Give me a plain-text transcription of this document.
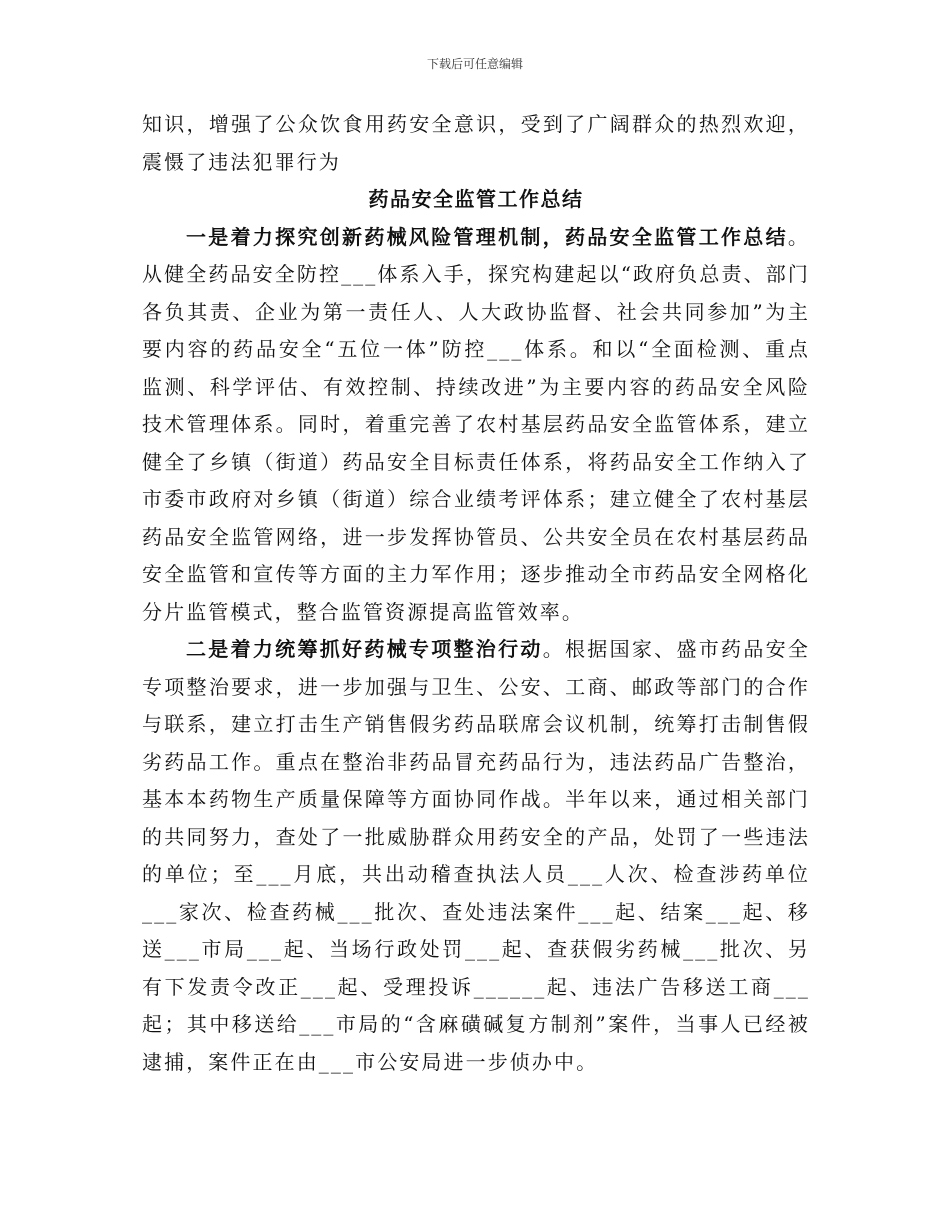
下载后可任意编辑

知识，增强了公众饮食用药安全意识，受到了广阔群众的热烈欢迎，震慑了违法犯罪行为

药品安全监管工作总结

一是着力探究创新药械风险管理机制，药品安全监管工作总结。从健全药品安全防控___体系入手，探究构建起以“政府负总责、部门各负其责、企业为第一责任人、人大政协监督、社会共同参加”为主要内容的药品安全“五位一体”防控___体系。和以“全面检测、重点监测、科学评估、有效控制、持续改进”为主要内容的药品安全风险技术管理体系。同时，着重完善了农村基层药品安全监管体系，建立健全了乡镇（街道）药品安全目标责任体系，将药品安全工作纳入了市委市政府对乡镇（街道）综合业绩考评体系；建立健全了农村基层药品安全监管网络，进一步发挥协管员、公共安全员在农村基层药品安全监管和宣传等方面的主力军作用；逐步推动全市药品安全网格化分片监管模式，整合监管资源提高监管效率。

二是着力统筹抓好药械专项整治行动。根据国家、盛市药品安全专项整治要求，进一步加强与卫生、公安、工商、邮政等部门的合作与联系，建立打击生产销售假劣药品联席会议机制，统筹打击制售假劣药品工作。重点在整治非药品冒充药品行为，违法药品广告整治，基本本药物生产质量保障等方面协同作战。半年以来，通过相关部门的共同努力，查处了一批威胁群众用药安全的产品，处罚了一些违法的单位；至___月底，共出动稽查执法人员___人次、检查涉药单位___家次、检查药械___批次、查处违法案件___起、结案___起、移送___市局___起、当场行政处罚___起、查获假劣药械___批次、另有下发责令改正___起、受理投诉______起、违法广告移送工商___起；其中移送给___市局的“含麻磺碱复方制剂”案件，当事人已经被逮捕，案件正在由___市公安局进一步侦办中。
